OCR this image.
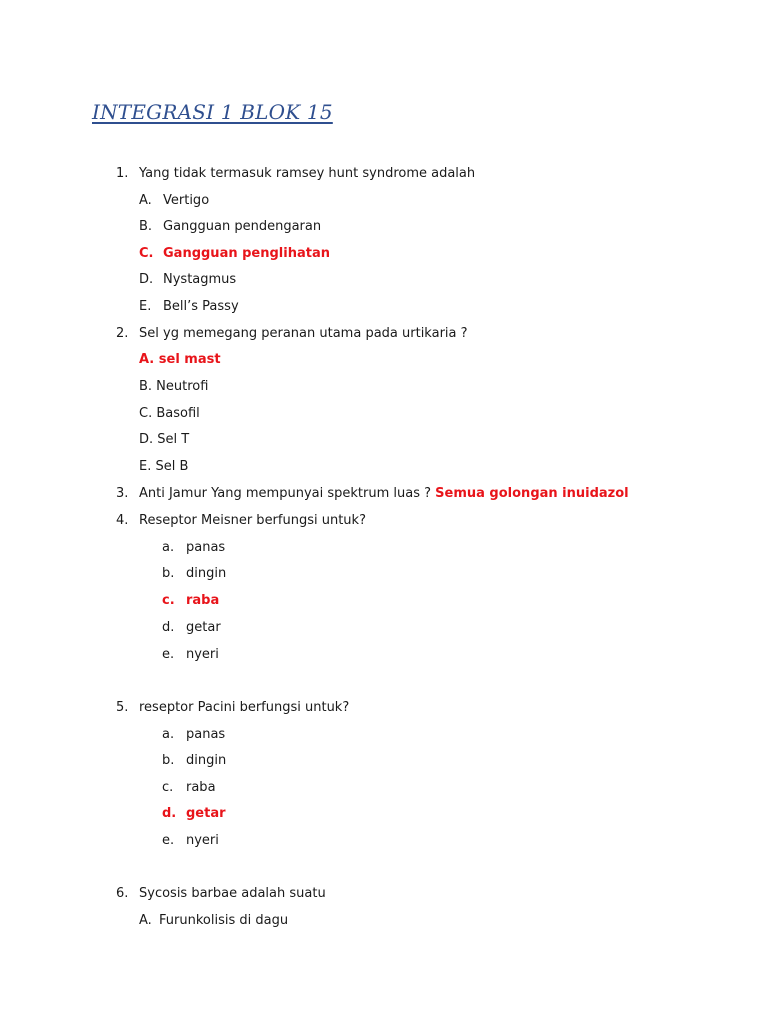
INTEGRASI 1 BLOK 15
1. Yang tidak termasuk ramsey hunt syndrome adalah
A. Vertigo
B. Gangguan pendengaran
C. Gangguan penglihatan
D. Nystagmus
E. Bell’s Passy
2. Sel yg memegang peranan utama pada urtikaria ?
A. sel mast
B. Neutrofi
C. Basofil
D. Sel T
E. Sel B
3. Anti Jamur Yang mempunyai spektrum luas ? Semua golongan inuidazol
4. Reseptor Meisner berfungsi untuk?
a. panas
b. dingin
c. raba
d. getar
e. nyeri
5. reseptor Pacini berfungsi untuk?
a. panas
b. dingin
c. raba
d. getar
e. nyeri
6. Sycosis barbae adalah suatu
A. Furunkolisis di dagu
